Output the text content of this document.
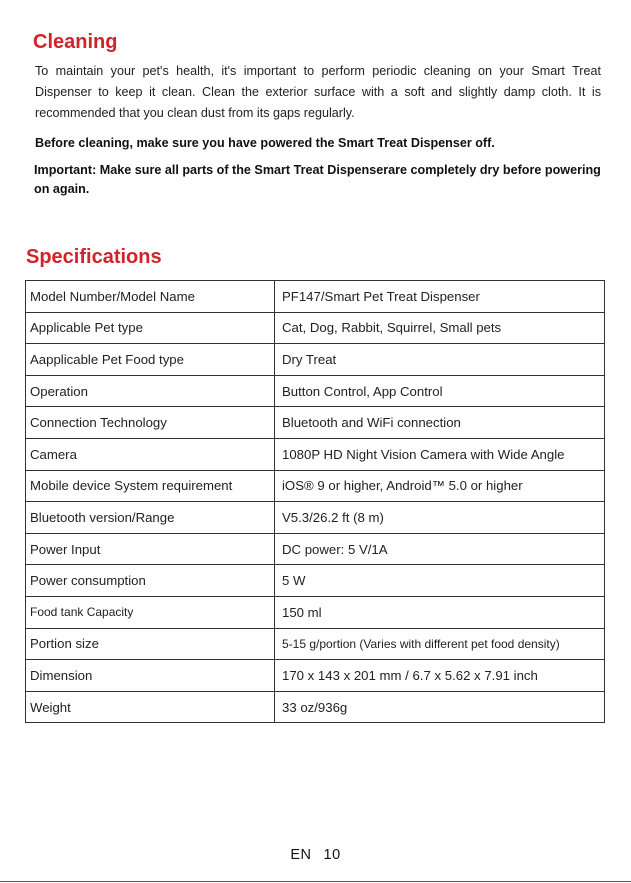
Cleaning

To maintain your pet's health, it's important to perform periodic cleaning on your Smart Treat Dispenser to keep it clean. Clean the exterior surface with a soft and slightly damp cloth. It is recommended that you clean dust from its gaps regularly.

Before cleaning, make sure you have powered the Smart Treat Dispenser off.

Important: Make sure all parts of the Smart Treat Dispenserare completely dry before powering on again.

Specifications
Model Number/Model Name	PF147/Smart Pet Treat Dispenser
Applicable Pet type	Cat, Dog, Rabbit, Squirrel, Small pets
Aapplicable Pet Food type	Dry Treat
Operation	Button Control, App Control
Connection Technology	Bluetooth and WiFi connection
Camera	1080P HD Night Vision Camera with Wide Angle
Mobile device System requirement	iOS® 9 or higher, Android™ 5.0 or higher
Bluetooth version/Range	V5.3/26.2 ft (8 m)
Power Input	DC power: 5 V/1A
Power consumption	5 W
Food tank Capacity	150 ml
Portion size	5-15 g/portion (Varies with different pet food density)
Dimension	170 x 143 x 201 mm / 6.7 x 5.62 x 7.91 inch
Weight	33 oz/936g
EN 10
